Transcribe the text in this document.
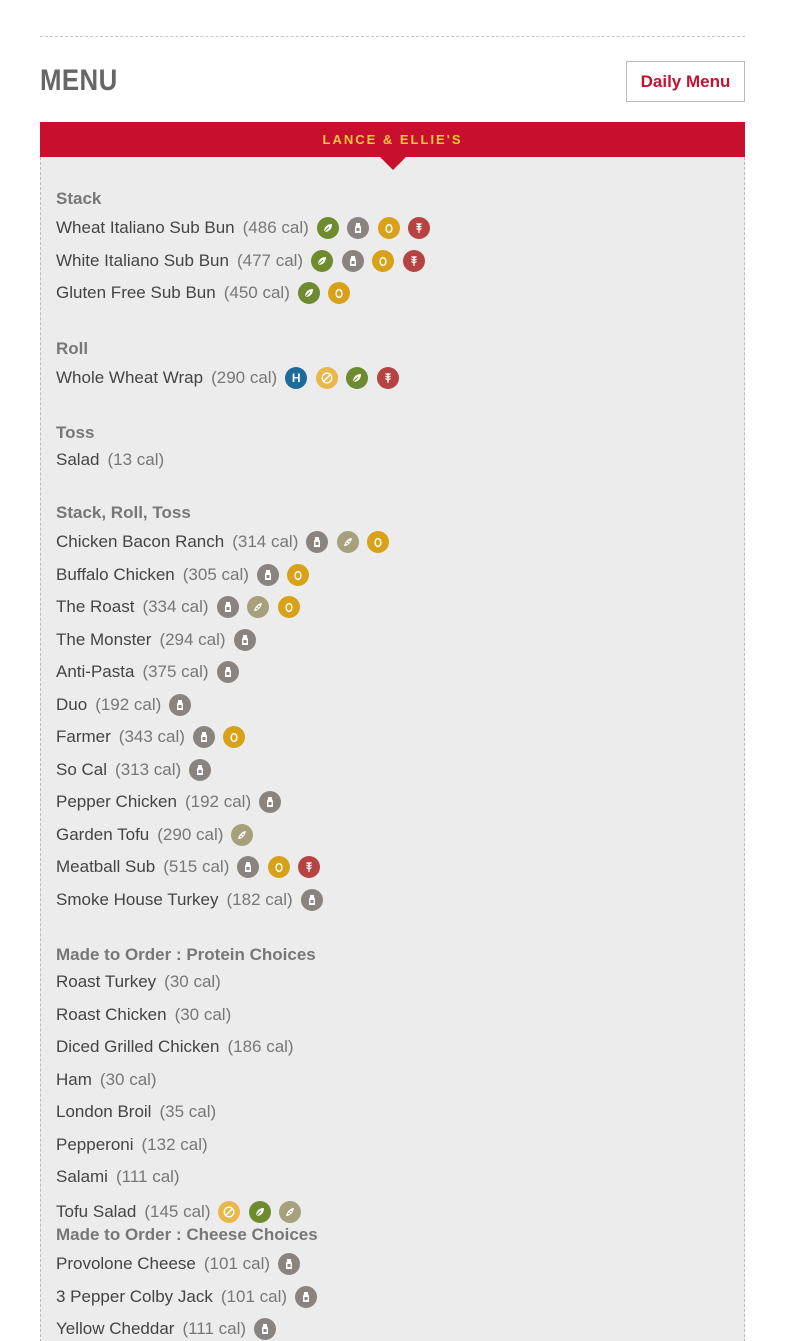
MENU	Daily Menu
LANCE & ELLIE'S
Stack
Wheat Italiano Sub Bun (486 cal)
White Italiano Sub Bun (477 cal)
Gluten Free Sub Bun (450 cal)
Roll
Whole Wheat Wrap (290 cal)	H
Toss
Salad (13 cal)
Stack, Roll, Toss
Chicken Bacon Ranch (314 cal)
Buffalo Chicken (305 cal)
The Roast (334 cal)
The Monster (294 cal)
Anti-Pasta (375 cal)
Duo (192 cal)
Farmer (343 cal)
So Cal (313 cal)
Pepper Chicken (192 cal)
Garden Tofu (290 cal)
Meatball Sub (515 cal)
Smoke House Turkey (182 cal)
Made to Order : Protein Choices
Roast Turkey (30 cal)
Roast Chicken (30 cal)
Diced Grilled Chicken (186 cal)
Ham (30 cal)
London Broil (35 cal)
Pepperoni (132 cal)
Salami (111 cal)
Tofu Salad (145 cal)
Made to Order : Cheese Choices
Provolone Cheese (101 cal)
3 Pepper Colby Jack (101 cal)
Yellow Cheddar (111 cal)
